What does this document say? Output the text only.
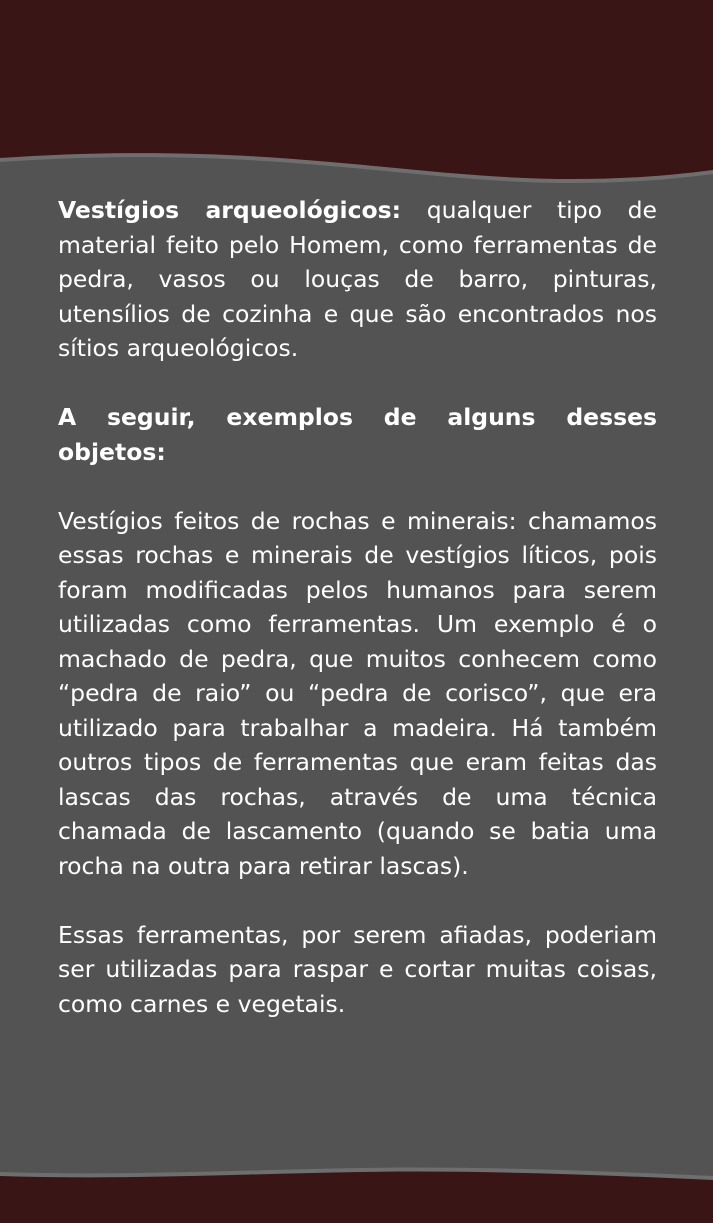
Vestígios arqueológicos: qualquer tipo de material feito pelo Homem, como ferramentas de pedra, vasos ou louças de barro, pinturas, utensílios de cozinha e que são encontrados nos sítios arqueológicos.

A seguir, exemplos de alguns desses objetos:

Vestígios feitos de rochas e minerais: chamamos essas rochas e minerais de vestígios líticos, pois foram modificadas pelos humanos para serem utilizadas como ferramentas. Um exemplo é o machado de pedra, que muitos conhecem como “pedra de raio” ou “pedra de corisco”, que era utilizado para trabalhar a madeira. Há também outros tipos de ferramentas que eram feitas das lascas das rochas, através de uma técnica chamada de lascamento (quando se batia uma rocha na outra para retirar lascas).

Essas ferramentas, por serem afiadas, poderiam ser utilizadas para raspar e cortar muitas coisas, como carnes e vegetais.
